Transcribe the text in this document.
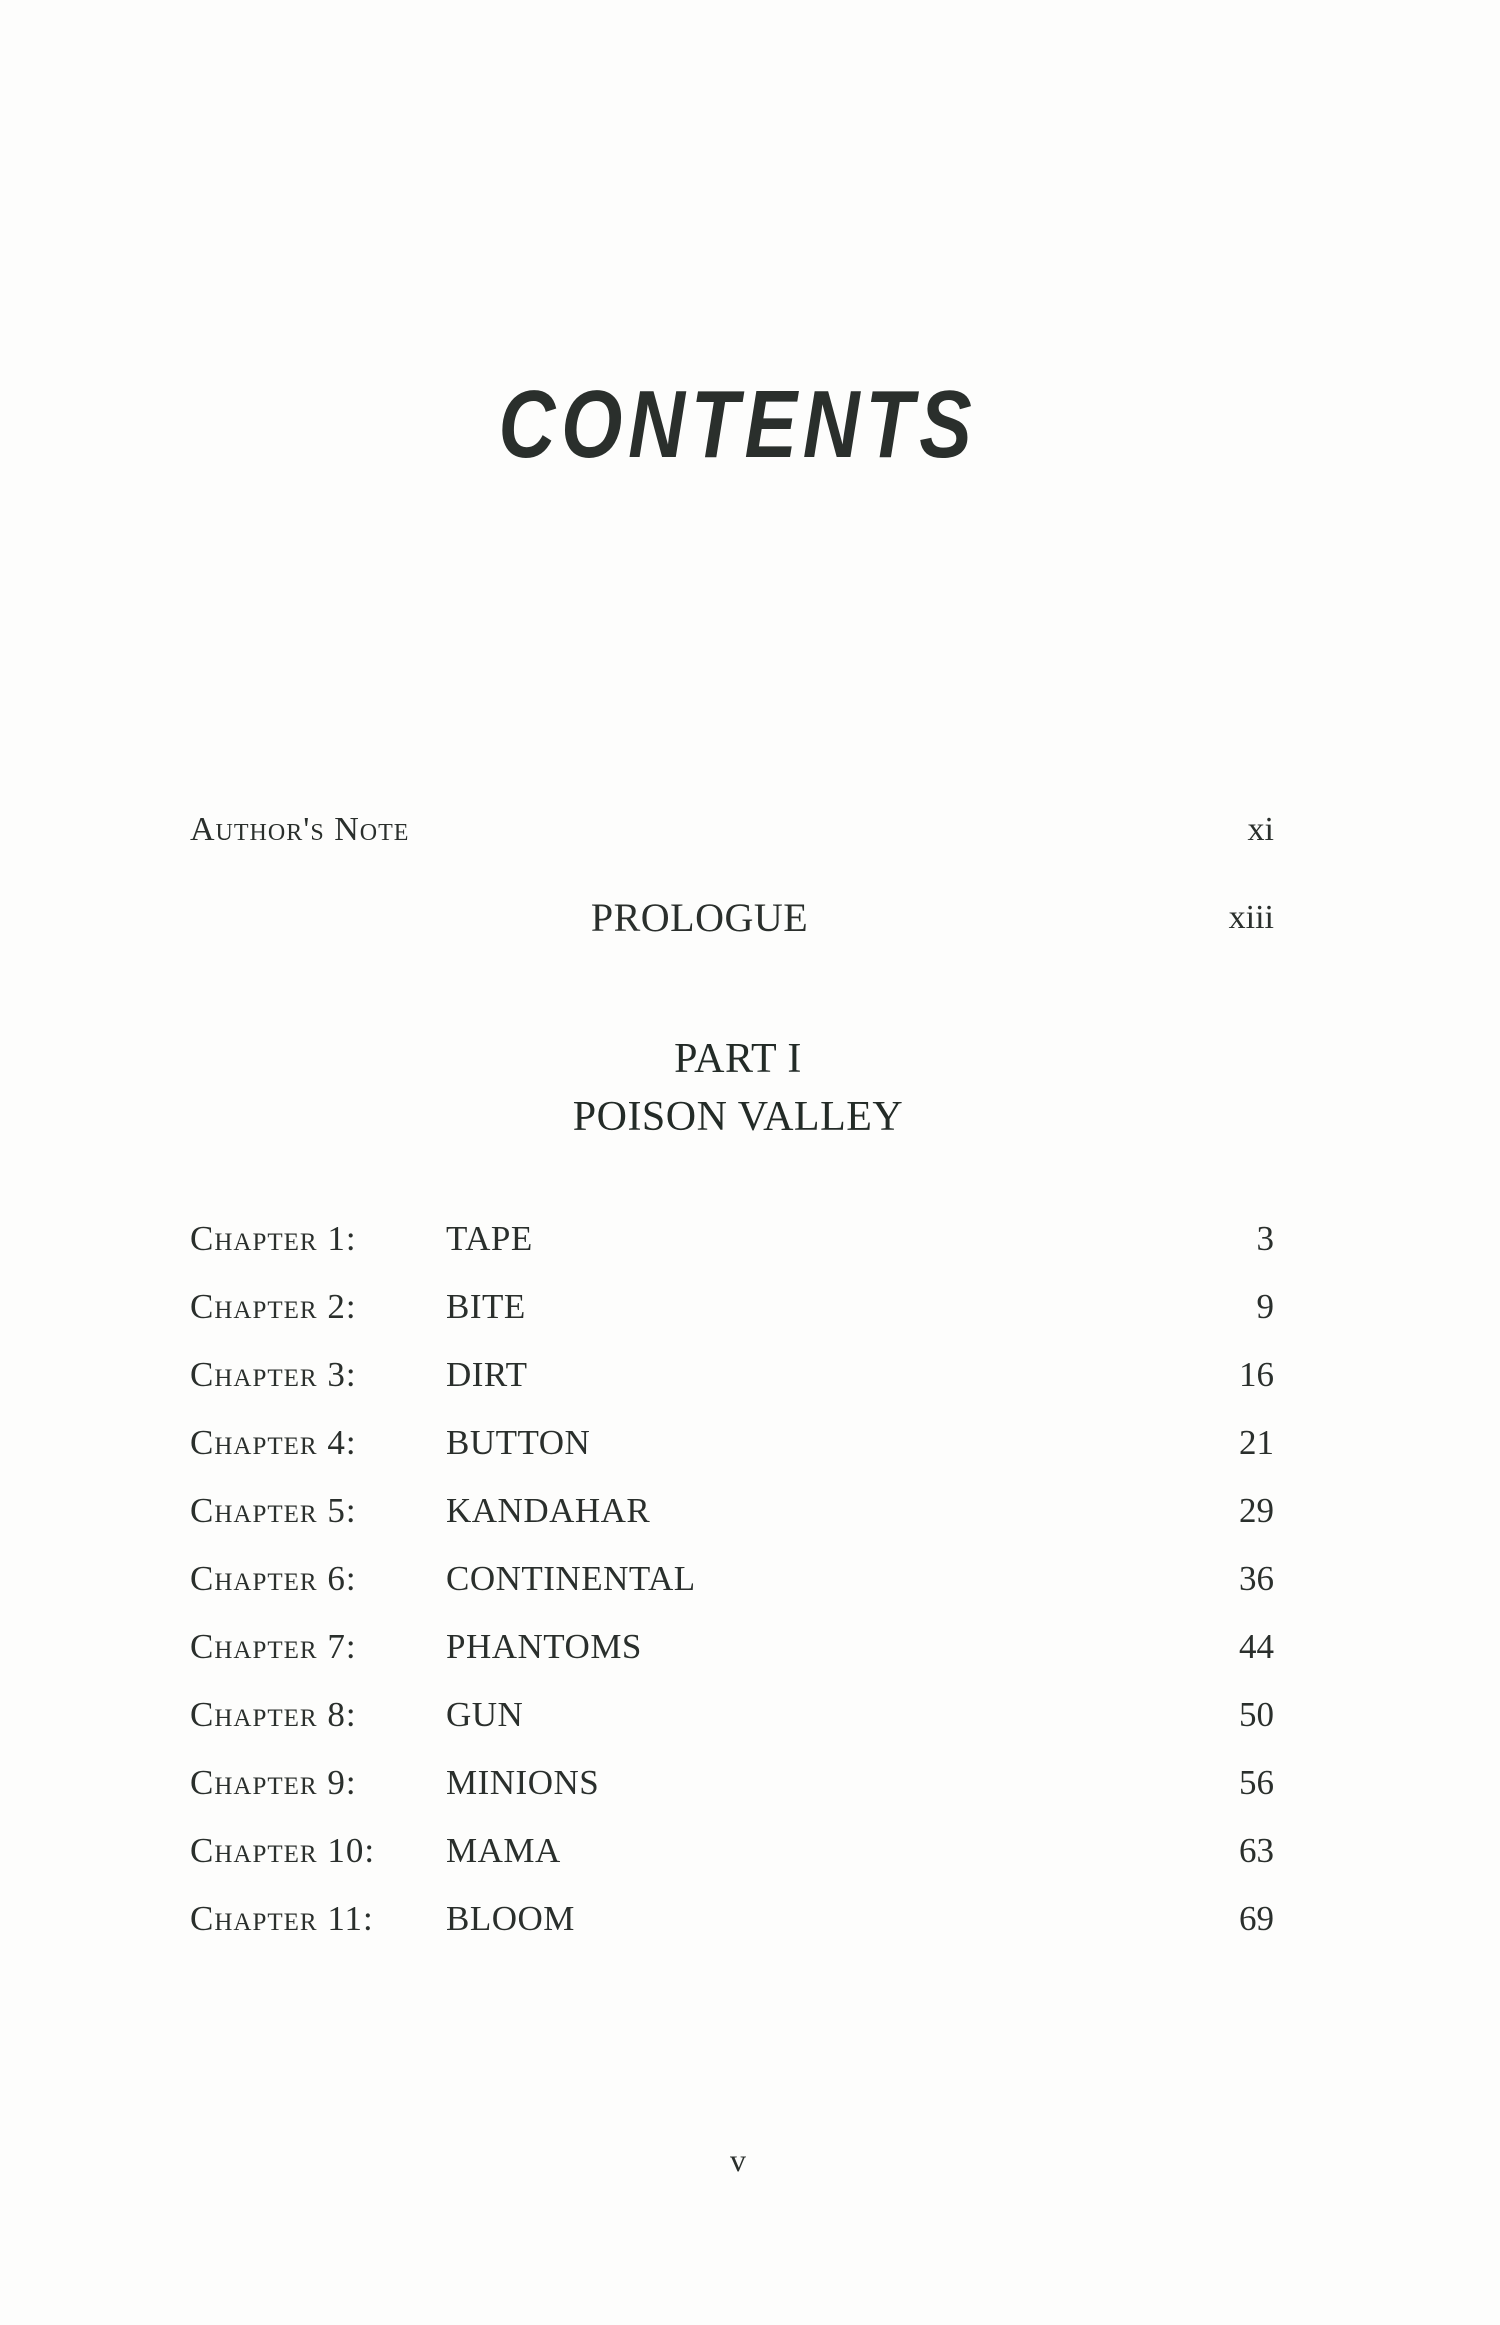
CONTENTS
Author's Note	xi
PROLOGUE	xiii
PART I
POISON VALLEY
Chapter 1:	TAPE	3
Chapter 2:	BITE	9
Chapter 3:	DIRT	16
Chapter 4:	BUTTON	21
Chapter 5:	KANDAHAR	29
Chapter 6:	CONTINENTAL	36
Chapter 7:	PHANTOMS	44
Chapter 8:	GUN	50
Chapter 9:	MINIONS	56
Chapter 10: MAMA	63
Chapter 11: BLOOM	69
v
